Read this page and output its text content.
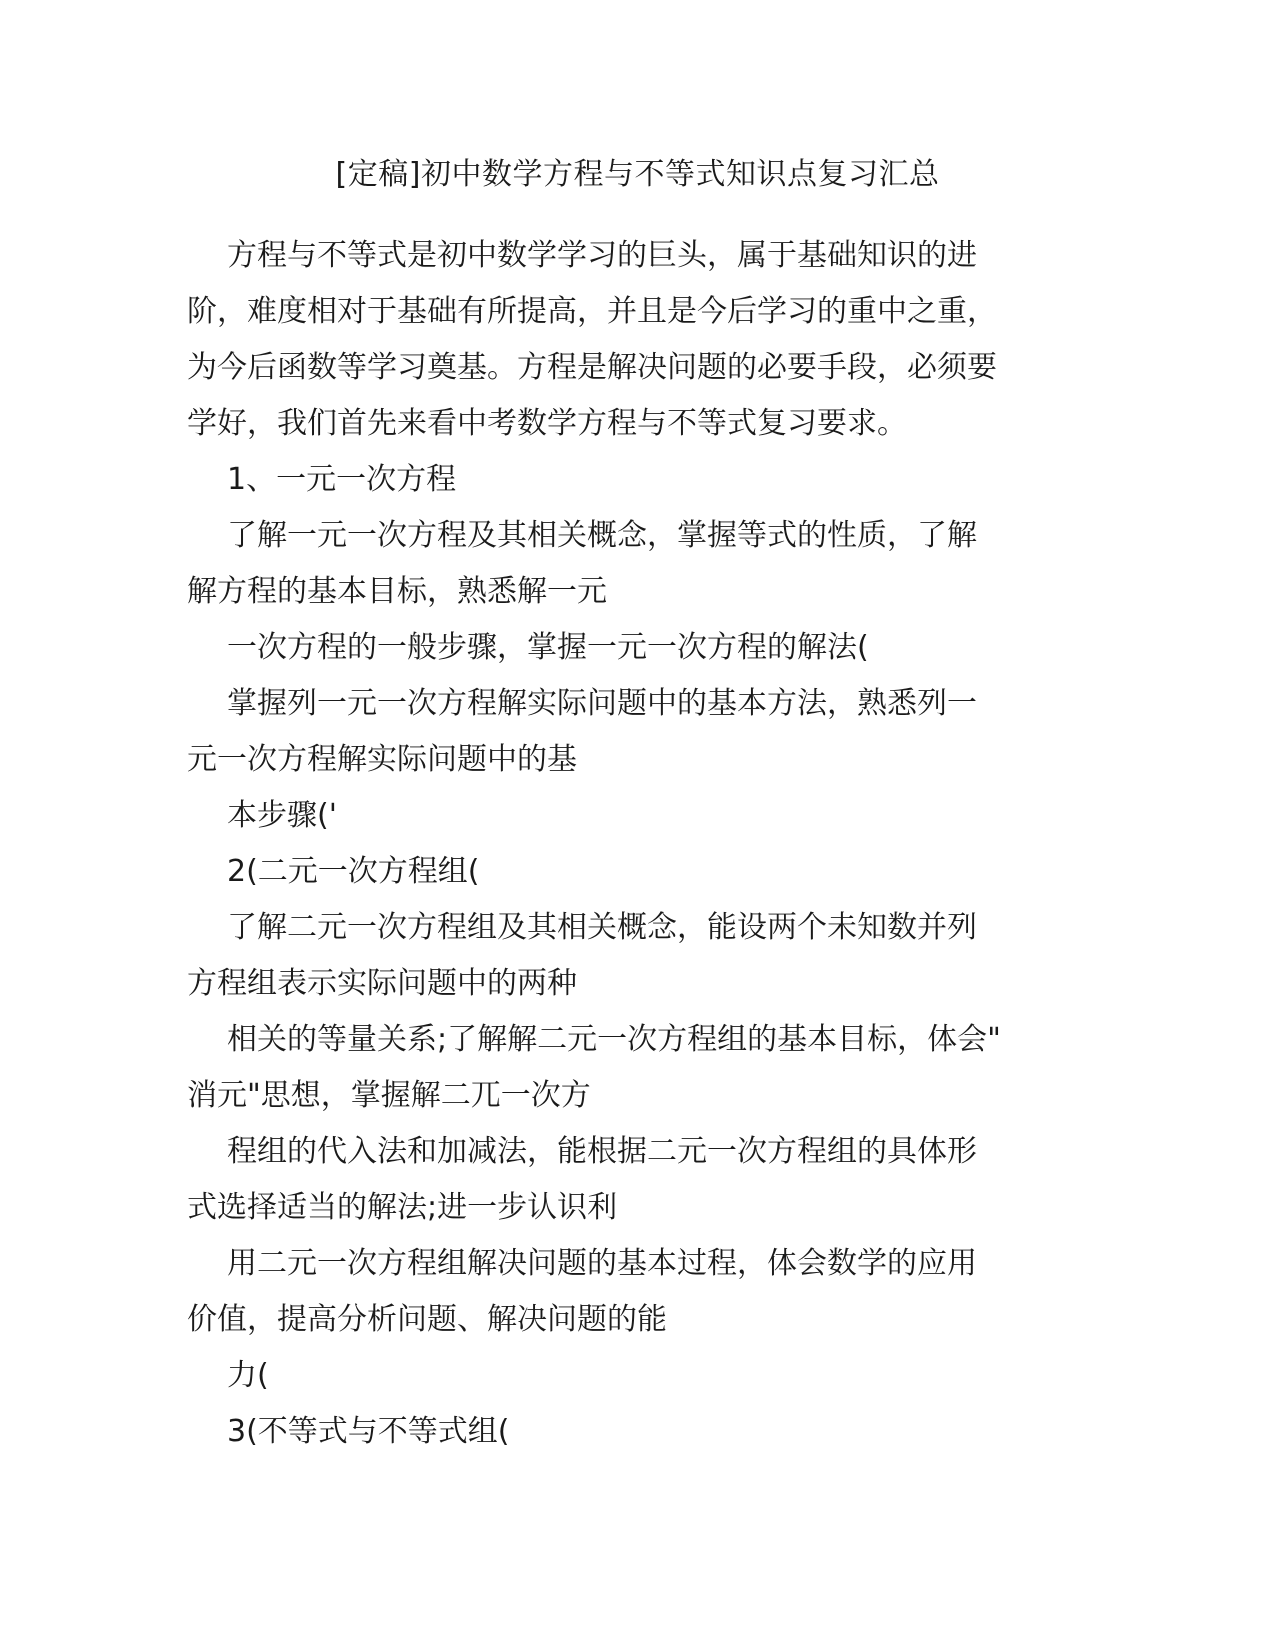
[定稿]初中数学方程与不等式知识点复习汇总
方程与不等式是初中数学学习的巨头，属于基础知识的进
阶，难度相对于基础有所提高，并且是今后学习的重中之重，
为今后函数等学习奠基。方程是解决问题的必要手段，必须要
学好，我们首先来看中考数学方程与不等式复习要求。
1、一元一次方程
了解一元一次方程及其相关概念，掌握等式的性质，了解
解方程的基本目标，熟悉解一元
一次方程的一般步骤，掌握一元一次方程的解法(
掌握列一元一次方程解实际问题中的基本方法，熟悉列一
元一次方程解实际问题中的基
本步骤('
2(二元一次方程组(
了解二元一次方程组及其相关概念，能设两个未知数并列
方程组表示实际问题中的两种
相关的等量关系;了解解二元一次方程组的基本目标，体会"
消元"思想，掌握解二兀一次方
程组的代入法和加减法，能根据二元一次方程组的具体形
式选择适当的解法;进一步认识利
用二元一次方程组解决问题的基本过程，体会数学的应用
价值，提高分析问题、解决问题的能
力(
3(不等式与不等式组(
